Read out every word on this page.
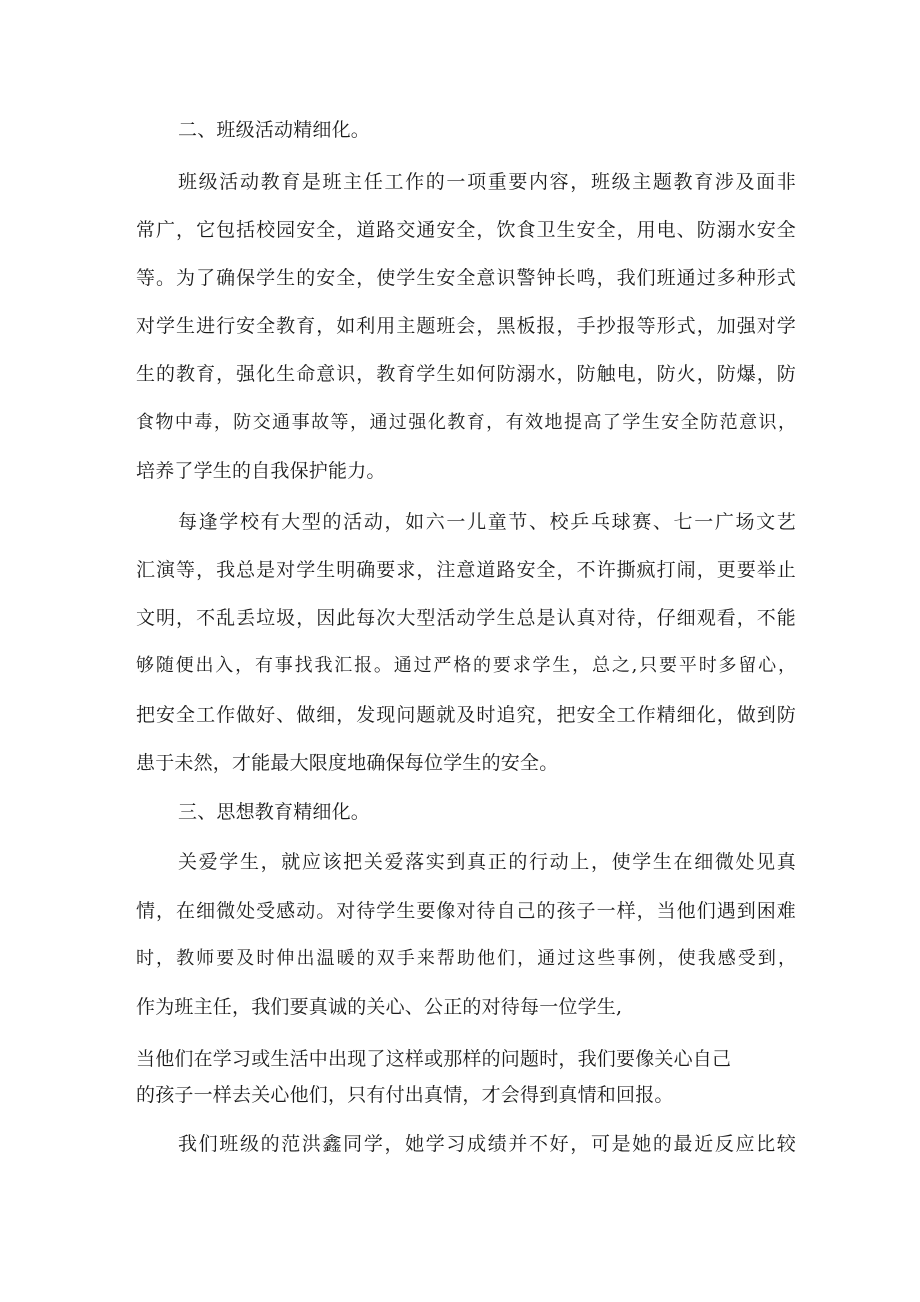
二、班级活动精细化。
班级活动教育是班主任工作的一项重要内容，班级主题教育涉及面非
常广，它包括校园安全，道路交通安全，饮食卫生安全，用电、防溺水安全
等。为了确保学生的安全，使学生安全意识警钟长鸣，我们班通过多种形式
对学生进行安全教育，如利用主题班会，黑板报，手抄报等形式，加强对学
生的教育，强化生命意识，教育学生如何防溺水，防触电，防火，防爆，防
食物中毒，防交通事故等，通过强化教育，有效地提高了学生安全防范意识，
培养了学生的自我保护能力。
每逢学校有大型的活动，如六一儿童节、校乒乓球赛、七一广场文艺
汇演等，我总是对学生明确要求，注意道路安全，不许撕疯打闹，更要举止
文明，不乱丢垃圾，因此每次大型活动学生总是认真对待，仔细观看，不能
够随便出入，有事找我汇报。通过严格的要求学生，总之,只要平时多留心，
把安全工作做好、做细，发现问题就及时追究，把安全工作精细化，做到防
患于未然，才能最大限度地确保每位学生的安全。
三、思想教育精细化。
关爱学生，就应该把关爱落实到真正的行动上，使学生在细微处见真
情，在细微处受感动。对待学生要像对待自己的孩子一样，当他们遇到困难
时，教师要及时伸出温暖的双手来帮助他们，通过这些事例，使我感受到，
作为班主任，我们要真诚的关心、公正的对待每一位学生,
当他们在学习或生活中出现了这样或那样的问题时，我们要像关心自己
的孩子一样去关心他们，只有付出真情，才会得到真情和回报。
我们班级的范洪鑫同学，她学习成绩并不好，可是她的最近反应比较
